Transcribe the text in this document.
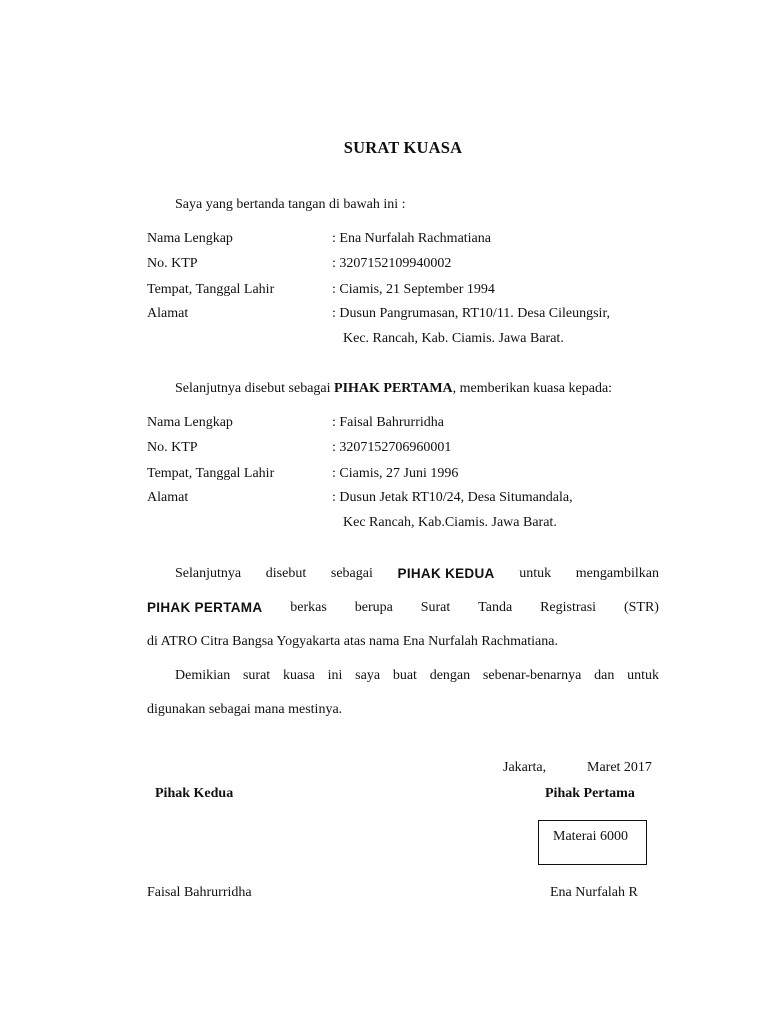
SURAT KUASA
Saya yang bertanda tangan di bawah ini :
Nama Lengkap	: Ena Nurfalah Rachmatiana
No. KTP	: 3207152109940002
Tempat, Tanggal Lahir	: Ciamis, 21 September 1994
Alamat	: Dusun Pangrumasan, RT10/11. Desa Cileungsir,
Kec. Rancah, Kab. Ciamis. Jawa Barat.
Selanjutnya disebut sebagai PIHAK PERTAMA, memberikan kuasa kepada:
Nama Lengkap	: Faisal Bahrurridha
No. KTP	: 3207152706960001
Tempat, Tanggal Lahir	: Ciamis, 27 Juni 1996
Alamat	: Dusun Jetak RT10/24, Desa Situmandala,
Kec Rancah, Kab.Ciamis. Jawa Barat.
Selanjutnya disebut sebagai PIHAK KEDUA untuk mengambilkan
PIHAK PERTAMA berkas berupa Surat Tanda Registrasi (STR)
di ATRO Citra Bangsa Yogyakarta atas nama Ena Nurfalah Rachmatiana.
Demikian surat kuasa ini saya buat dengan sebenar-benarnya dan untuk
digunakan sebagai mana mestinya.
Jakarta,	Maret 2017
Pihak Kedua	Pihak Pertama
Materai 6000
Faisal Bahrurridha	Ena Nurfalah R
